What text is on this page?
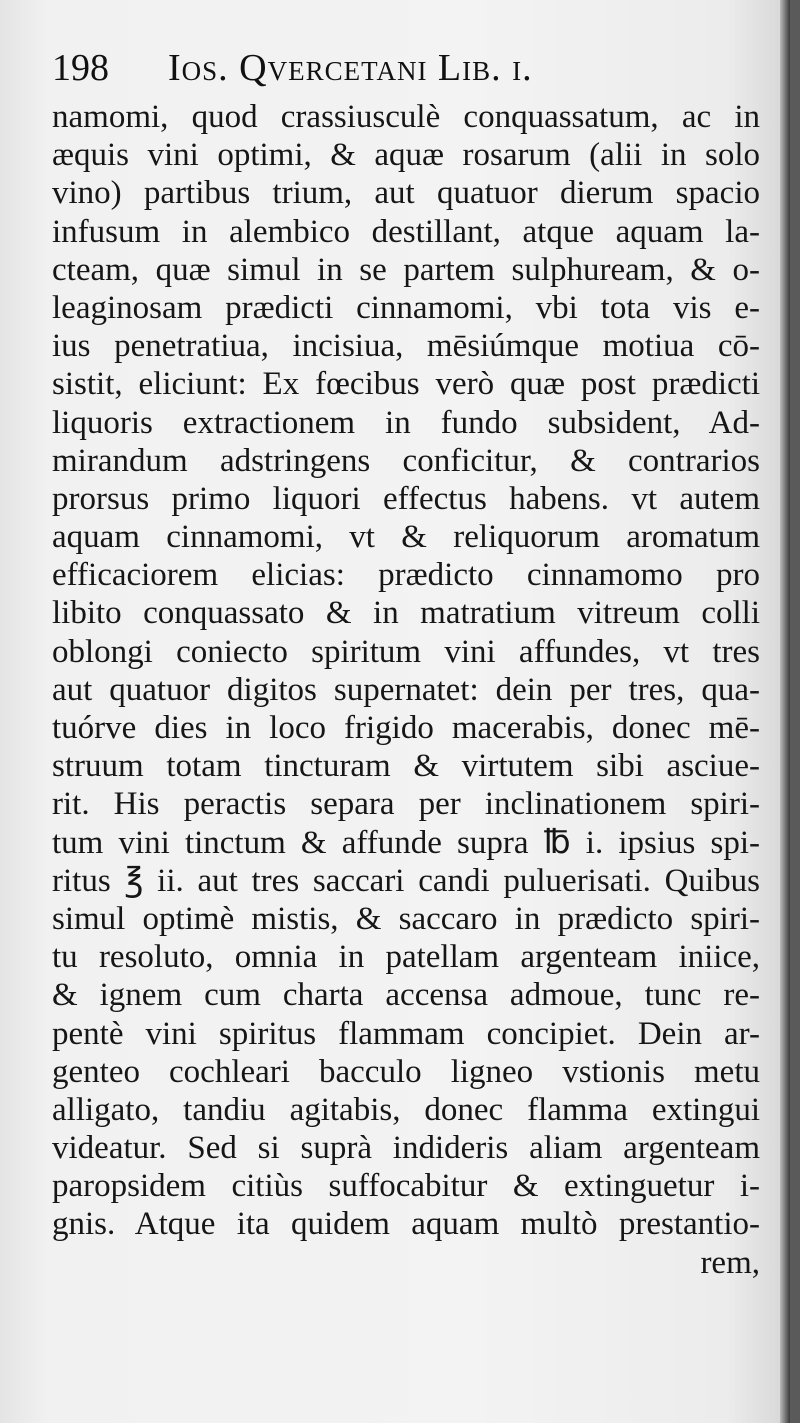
198 Ios. Qvercetani Lib. i.
namomi, quod crassiusculè conquassatum, ac in
æquis vini optimi, & aquæ rosarum (alii in solo
vino) partibus trium, aut quatuor dierum spacio
infusum in alembico destillant, atque aquam la-
cteam, quæ simul in se partem sulphuream, & o-
leaginosam prædicti cinnamomi, vbi tota vis e-
ius penetratiua, incisiua, mēsiúmque motiua cō-
sistit, eliciunt: Ex fœcibus verò quæ post prædicti
liquoris extractionem in fundo subsident, Ad-
mirandum adstringens conficitur, & contrarios
prorsus primo liquori effectus habens. vt autem
aquam cinnamomi, vt & reliquorum aromatum
efficaciorem elicias: prædicto cinnamomo pro
libito conquassato & in matratium vitreum colli
oblongi coniecto spiritum vini affundes, vt tres
aut quatuor digitos supernatet: dein per tres, qua-
tuórve dies in loco frigido macerabis, donec mē-
struum totam tincturam & virtutem sibi asciue-
rit. His peractis separa per inclinationem spiri-
tum vini tinctum & affunde supra ℔ i. ipsius spi-
ritus ℥ ii. aut tres saccari candi puluerisati. Quibus
simul optimè mistis, & saccaro in prædicto spiri-
tu resoluto, omnia in patellam argenteam iniice,
& ignem cum charta accensa admoue, tunc re-
pentè vini spiritus flammam concipiet. Dein ar-
genteo cochleari bacculo ligneo vstionis metu
alligato, tandiu agitabis, donec flamma extingui
videatur. Sed si suprà indideris aliam argenteam
paropsidem citiùs suffocabitur & extinguetur i-
gnis. Atque ita quidem aquam multò prestantio-
rem,
